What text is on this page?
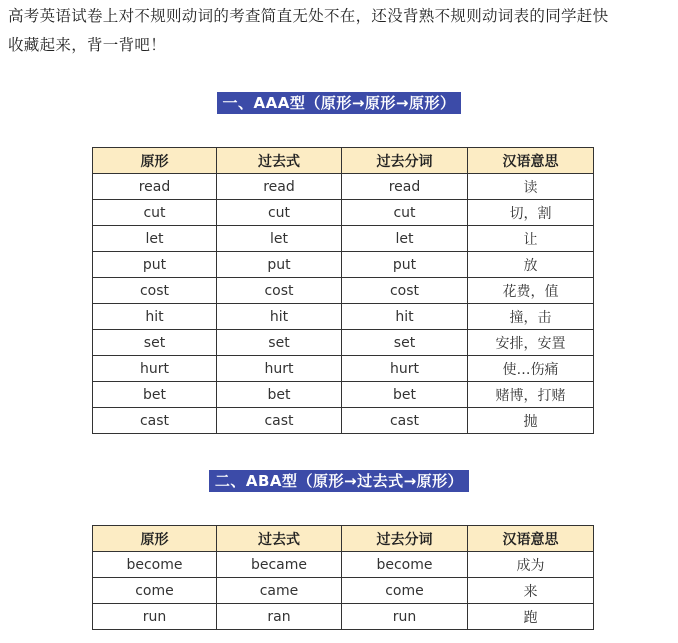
高考英语试卷上对不规则动词的考查简直无处不在，还没背熟不规则动词表的同学赶快
收藏起来，背一背吧！

一、AAA型（原形→原形→原形）
原形	过去式	过去分词	汉语意思
read	read	read	读
cut	cut	cut	切，割
let	let	let	让
put	put	put	放
cost	cost	cost	花费，值
hit	hit	hit	撞，击
set	set	set	安排，安置
hurt	hurt	hurt	使…伤痛
bet	bet	bet	赌博，打赌
cast	cast	cast	抛
二、ABA型（原形→过去式→原形）
原形	过去式	过去分词	汉语意思
become	became	become	成为
come	came	come	来
run	ran	run	跑
